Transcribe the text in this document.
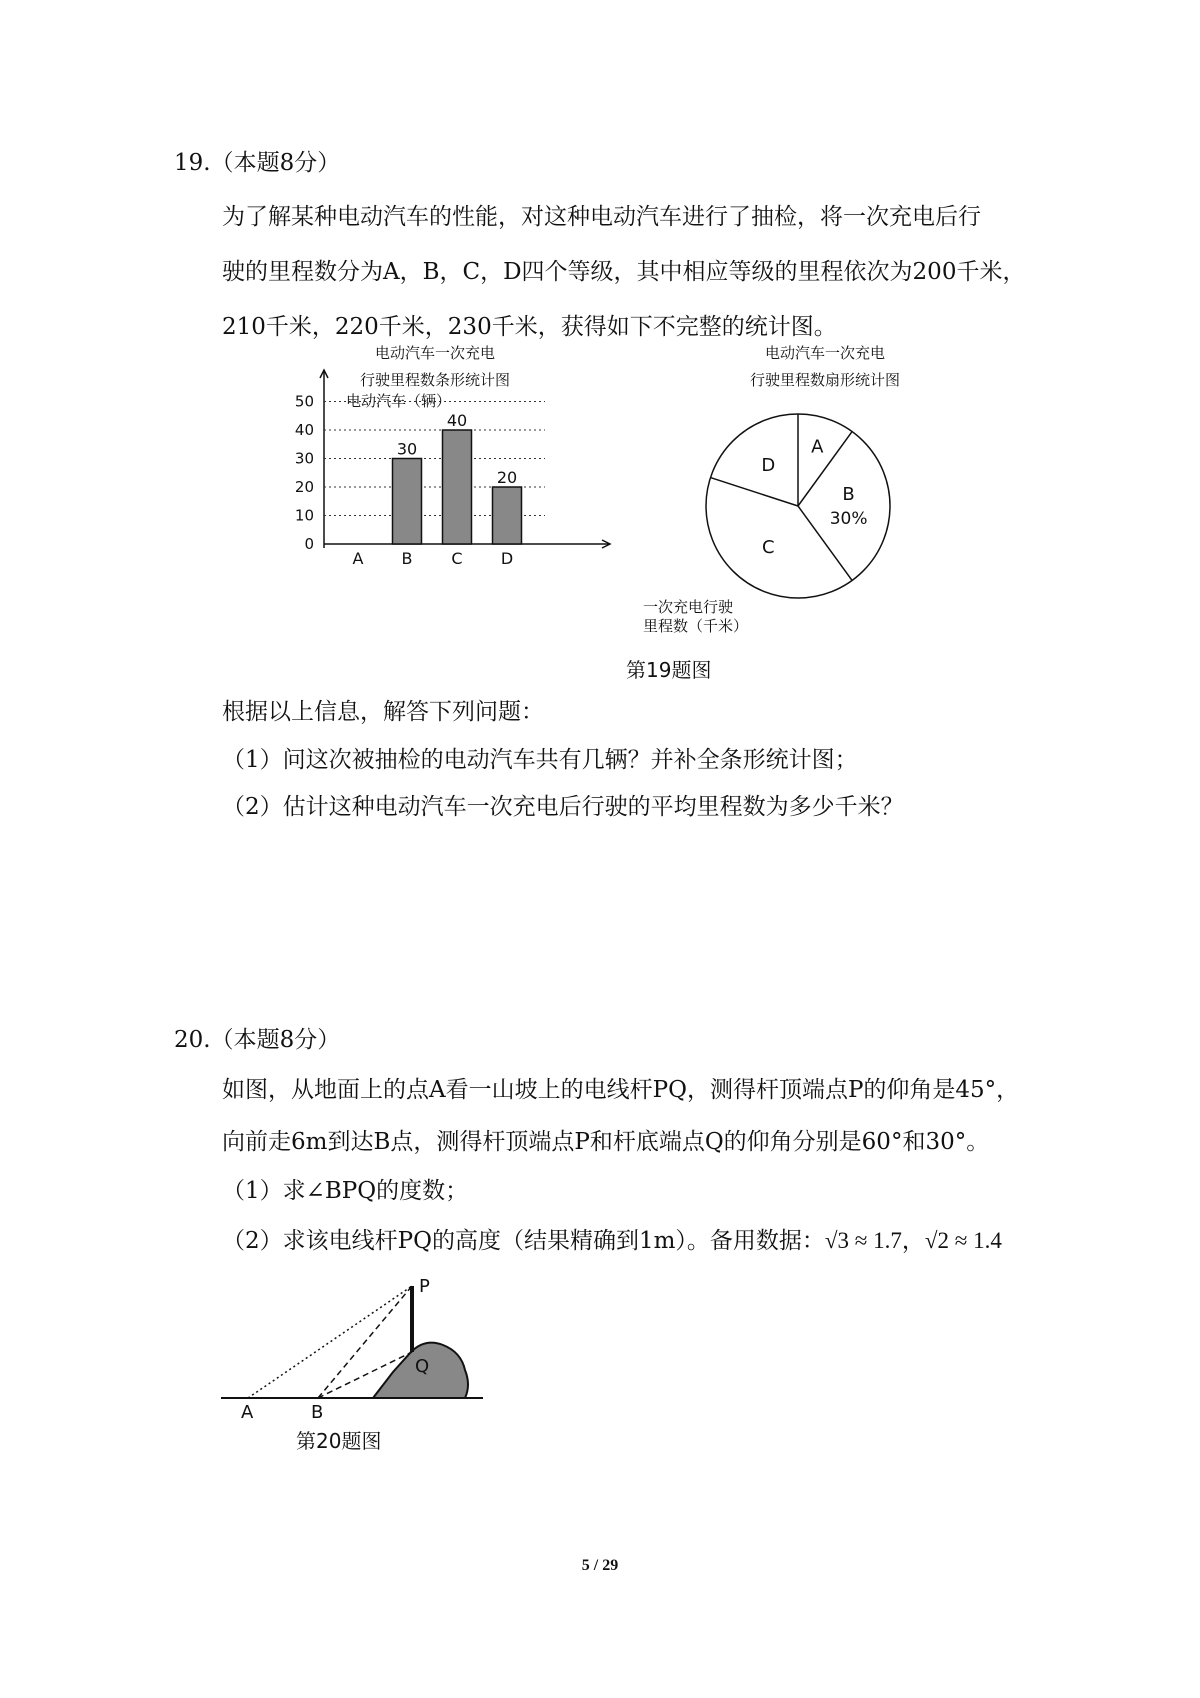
19.（本题8分）
为了解某种电动汽车的性能，对这种电动汽车进行了抽检，将一次充电后行
驶的里程数分为A，B，C，D四个等级，其中相应等级的里程依次为200千米，
210千米，220千米，230千米，获得如下不完整的统计图。
电动汽车一次充电
行驶里程数条形统计图
0
10
20
30
40
50
A B
30
C
40
D
20
电动汽车（辆）
一次充电行驶
里程数（千米）
电动汽车一次充电
行驶里程数扇形统计图
A
B
30%
C
D
第19题图
根据以上信息，解答下列问题：
（1）问这次被抽检的电动汽车共有几辆？并补全条形统计图；
（2）估计这种电动汽车一次充电后行驶的平均里程数为多少千米？
20.（本题8分）
如图，从地面上的点A看一山坡上的电线杆PQ，测得杆顶端点P的仰角是45°，
向前走6m到达B点，测得杆顶端点P和杆底端点Q的仰角分别是60°和30°。
（1）求∠BPQ的度数；
（2）求该电线杆PQ的高度（结果精确到1m）。备用数据：√3 ≈ 1.7，√2 ≈ 1.4
P
Q
A	B
第20题图
5 / 29
